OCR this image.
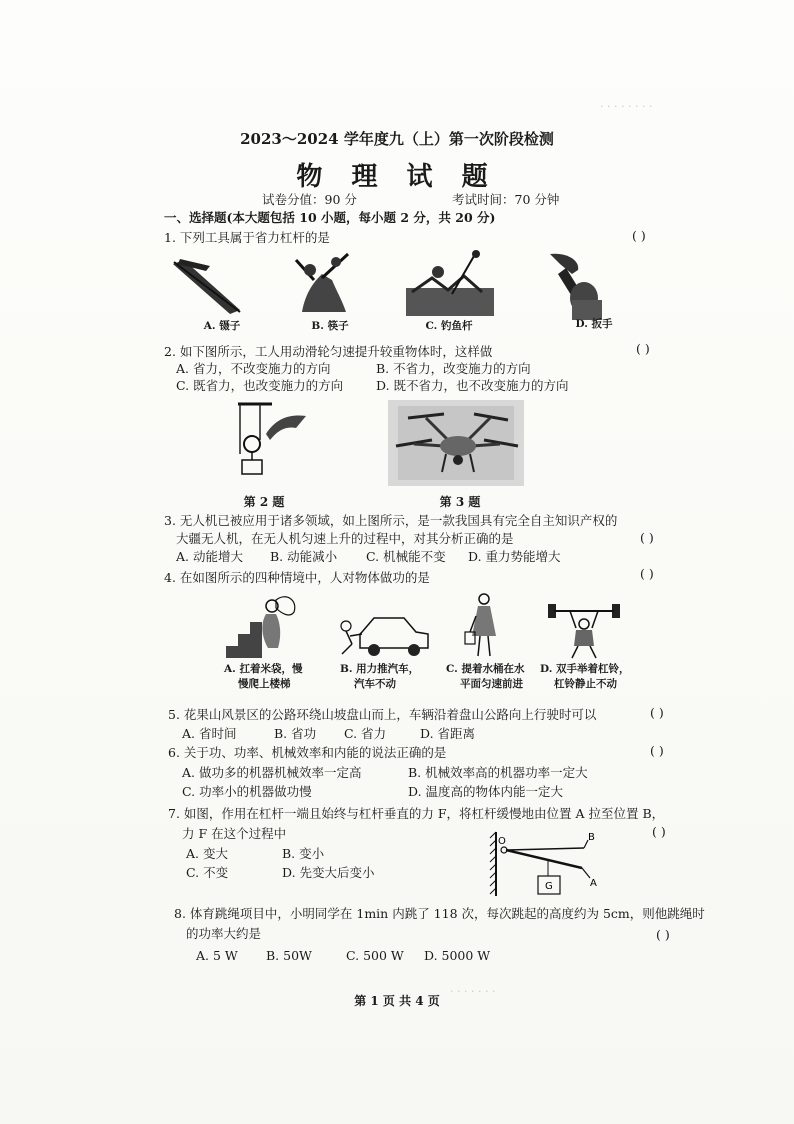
· · · · · · · ·
· · · · · · ·
2023～2024 学年度九（上）第一次阶段检测
物 理 试 题
试卷分值：90 分	考试时间：70 分钟
一、选择题(本大题包括 10 小题，每小题 2 分，共 20 分)
1. 下列工具属于省力杠杆的是	( )
A. 镊子	B. 筷子	C. 钓鱼杆	D. 扳手
2. 如下图所示，工人用动滑轮匀速提升较重物体时，这样做	( )
A. 省力，不改变施力的方向	B. 不省力，改变施力的方向
C. 既省力，也改变施力的方向	D. 既不省力，也不改变施力的方向
第 2 题	第 3 题
3. 无人机已被应用于诸多领域，如上图所示，是一款我国具有完全自主知识产权的
大疆无人机，在无人机匀速上升的过程中，对其分析正确的是	( )
A. 动能增大 B. 动能减小 C. 机械能不变 D. 重力势能增大
4. 在如图所示的四种情境中，人对物体做功的是	( )
A. 扛着米袋，慢
慢爬上楼梯
B. 用力推汽车，
汽车不动
C. 提着水桶在水
平面匀速前进
D. 双手举着杠铃，
杠铃静止不动
5. 花果山风景区的公路环绕山坡盘山而上，车辆沿着盘山公路向上行驶时可以	( )
A. 省时间	B. 省功 C. 省力	D. 省距离
6. 关于功、功率、机械效率和内能的说法正确的是	( )
A. 做功多的机器机械效率一定高	B. 机械效率高的机器功率一定大
C. 功率小的机器做功慢	D. 温度高的物体内能一定大
7. 如图，作用在杠杆一端且始终与杠杆垂直的力 F，将杠杆缓慢地由位置 A 拉至位置 B，
力 F 在这个过程中	( )
A. 变大	B. 变小
C. 不变	D. 先变大后变小
O	B
A
G
8. 体育跳绳项目中，小明同学在 1min 内跳了 118 次，每次跳起的高度约为 5cm，则他跳绳时
的功率大约是	( )
A. 5 W B. 50W	C. 500 W D. 5000 W
第 1 页 共 4 页
